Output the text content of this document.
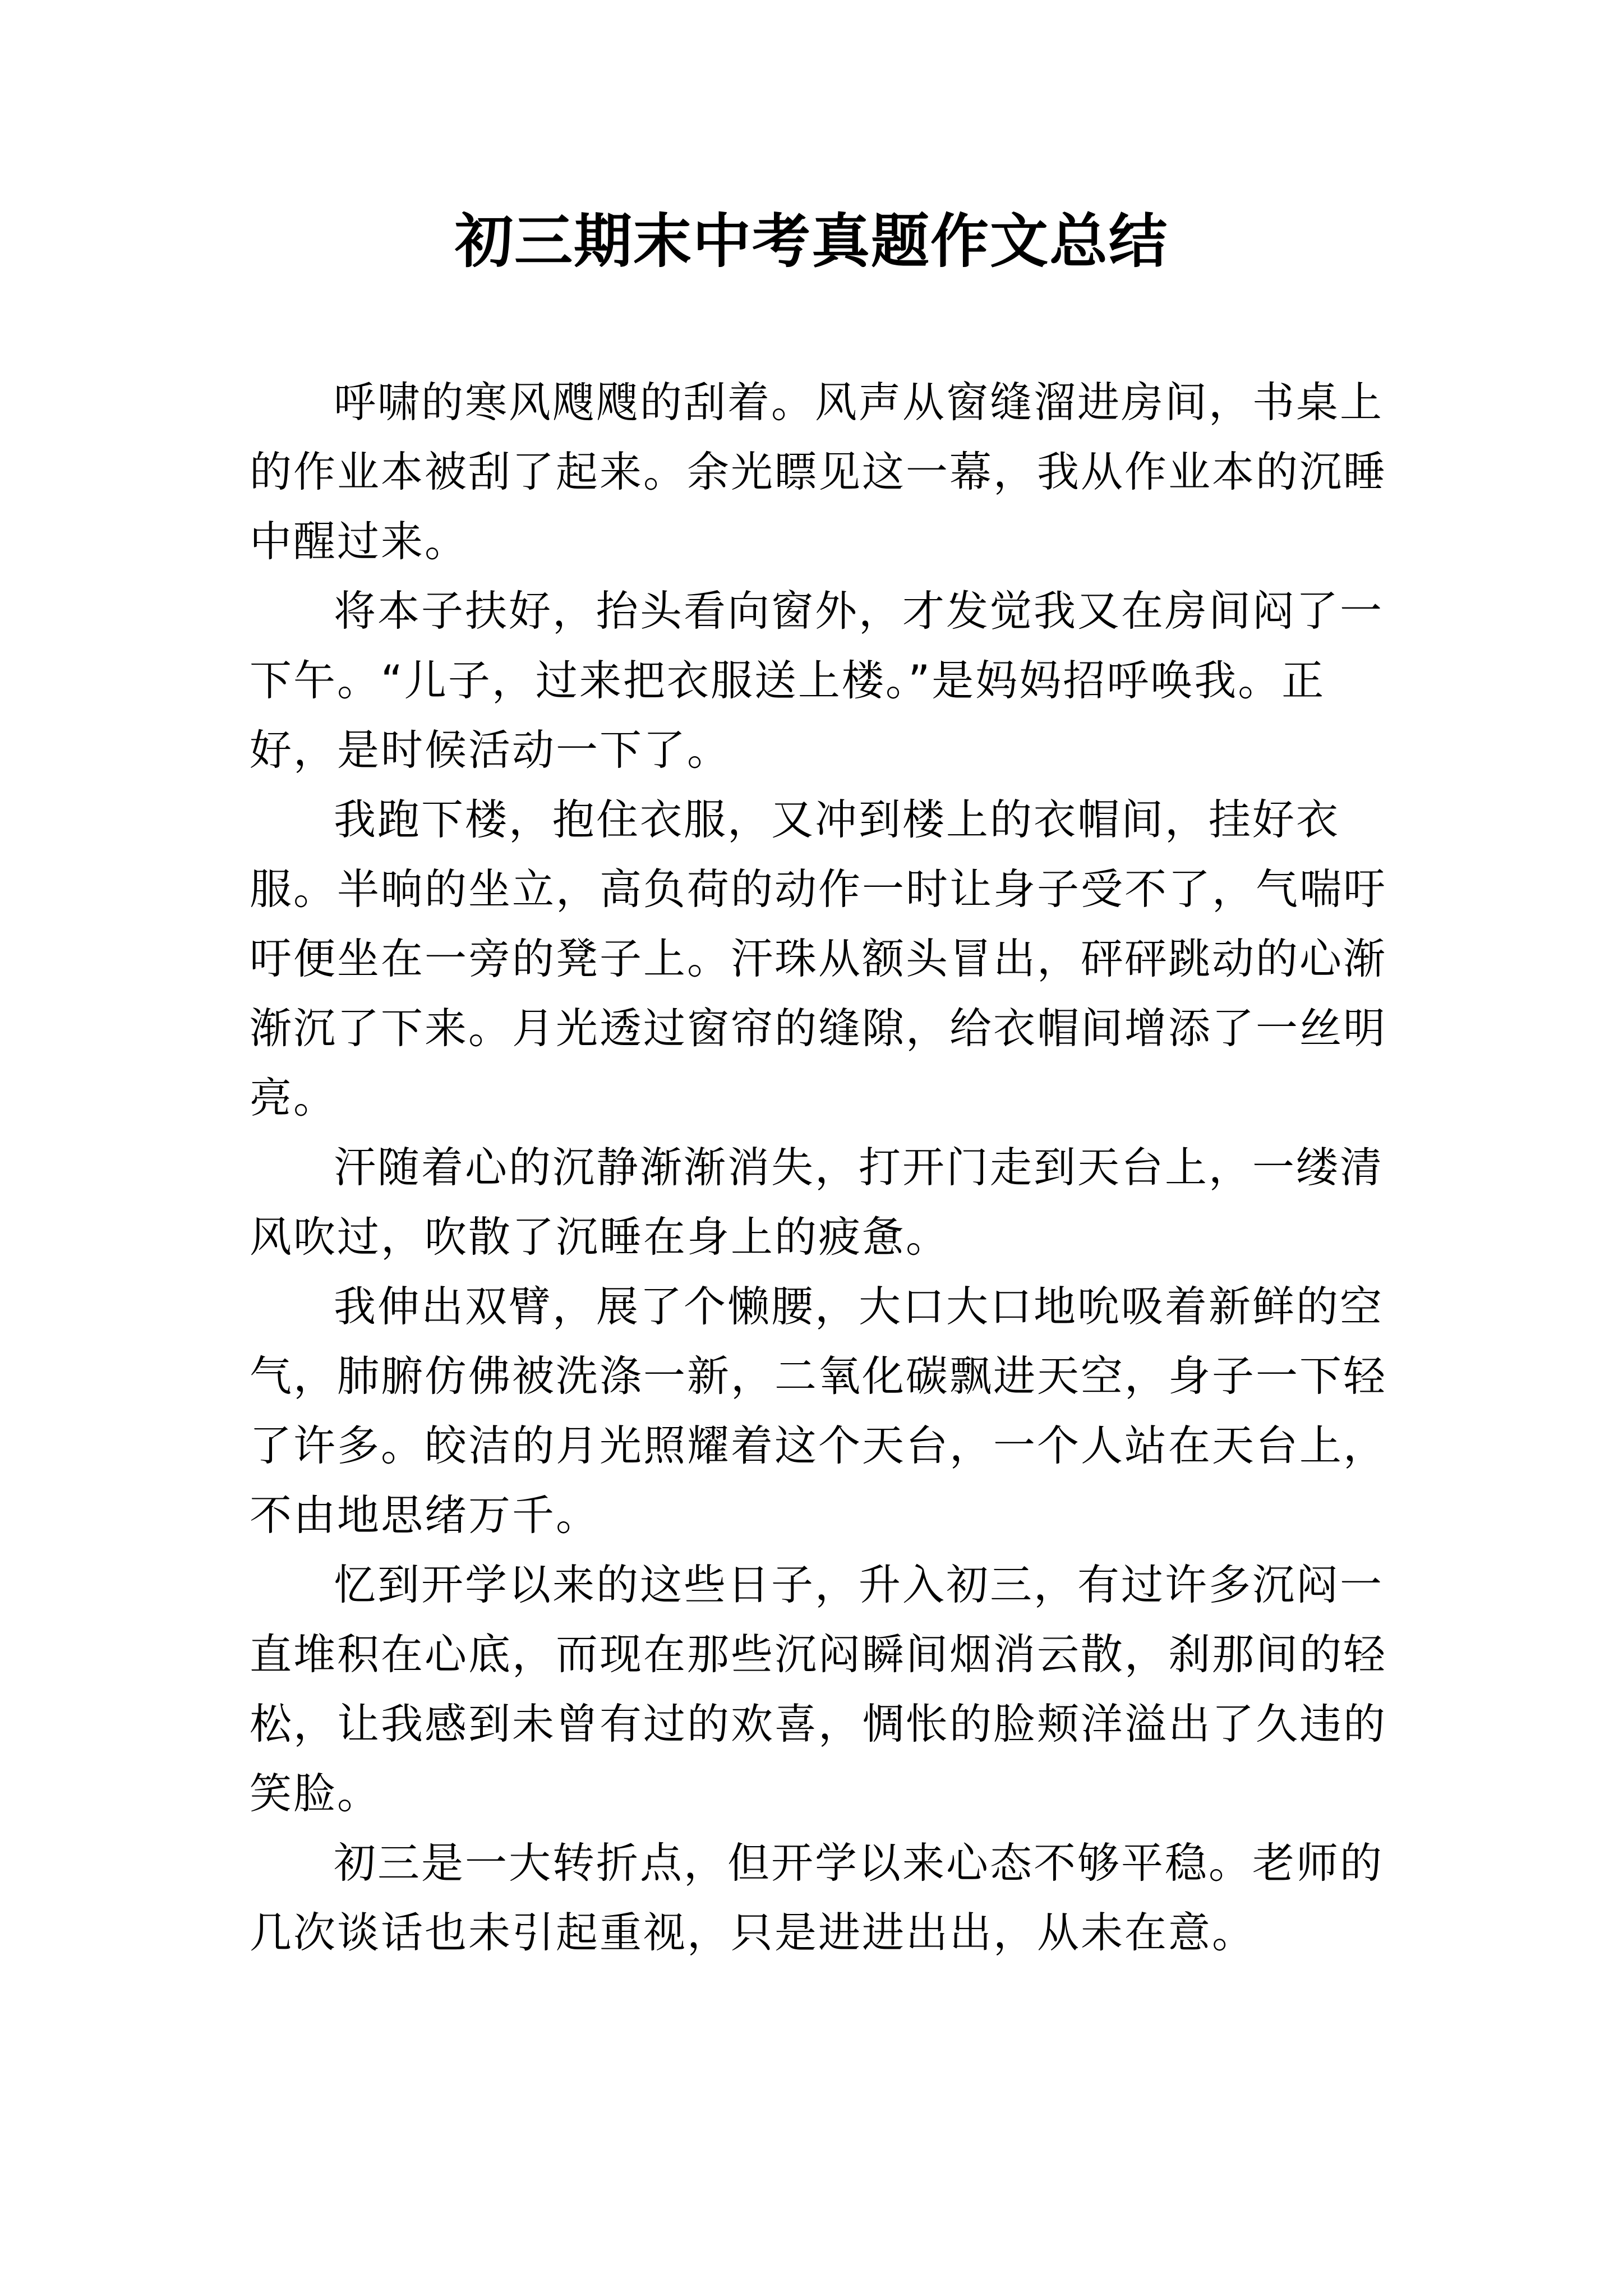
初三期末中考真题作文总结

呼啸的寒风飕飕的刮着。风声从窗缝溜进房间，书桌上的作业本被刮了起来。余光瞟见这一幕，我从作业本的沉睡中醒过来。

将本子扶好，抬头看向窗外，才发觉我又在房间闷了一下午。“儿子，过来把衣服送上楼。”是妈妈招呼唤我。正好，是时候活动一下了。

我跑下楼，抱住衣服，又冲到楼上的衣帽间，挂好衣服。半晌的坐立，高负荷的动作一时让身子受不了，气喘吁吁便坐在一旁的凳子上。汗珠从额头冒出，砰砰跳动的心渐渐沉了下来。月光透过窗帘的缝隙，给衣帽间增添了一丝明亮。

汗随着心的沉静渐渐消失，打开门走到天台上，一缕清风吹过，吹散了沉睡在身上的疲惫。

我伸出双臂，展了个懒腰，大口大口地吮吸着新鲜的空气，肺腑仿佛被洗涤一新，二氧化碳飘进天空，身子一下轻了许多。皎洁的月光照耀着这个天台，一个人站在天台上，不由地思绪万千。

忆到开学以来的这些日子，升入初三，有过许多沉闷一直堆积在心底，而现在那些沉闷瞬间烟消云散，刹那间的轻松，让我感到未曾有过的欢喜，惆怅的脸颊洋溢出了久违的笑脸。

初三是一大转折点，但开学以来心态不够平稳。老师的几次谈话也未引起重视，只是进进出出，从未在意。
